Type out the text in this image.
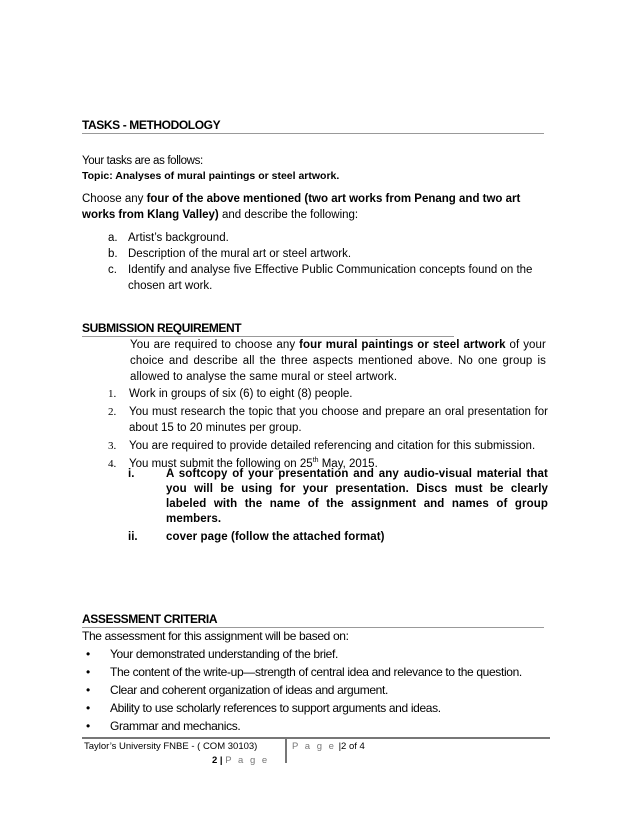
TASKS - METHODOLOGY
Your tasks are as follows:
Topic: Analyses of mural paintings or steel artwork.
Choose any four of the above mentioned (two art works from Penang and two art works from Klang Valley) and describe the following:
a. Artist’s background.
b. Description of the mural art or steel artwork.
c. Identify and analyse five Effective Public Communication concepts found on the chosen art work.
SUBMISSION REQUIREMENT
You are required to choose any four mural paintings or steel artwork of your choice and describe all the three aspects mentioned above. No one group is allowed to analyse the same mural or steel artwork.
1.	Work in groups of six (6) to eight (8) people.
2.	You must research the topic that you choose and prepare an oral presentation for about 15 to 20 minutes per group.
3.	You are required to provide detailed referencing and citation for this submission.
4.	You must submit the following on 25th May, 2015.
i.	A softcopy of your presentation and any audio-visual material that you will be using for your presentation. Discs must be clearly labeled with the name of the assignment and names of group members.
ii.	cover page (follow the attached format)
ASSESSMENT CRITERIA
The assessment for this assignment will be based on:
•	Your demonstrated understanding of the brief.
•	The content of the write-up—strength of central idea and relevance to the question.
•	Clear and coherent organization of ideas and argument.
•	Ability to use scholarly references to support arguments and ideas.
•	Grammar and mechanics.
Taylor’s University FNBE - ( COM 30103)	P a g e |2 of 4
2 | P a g e
